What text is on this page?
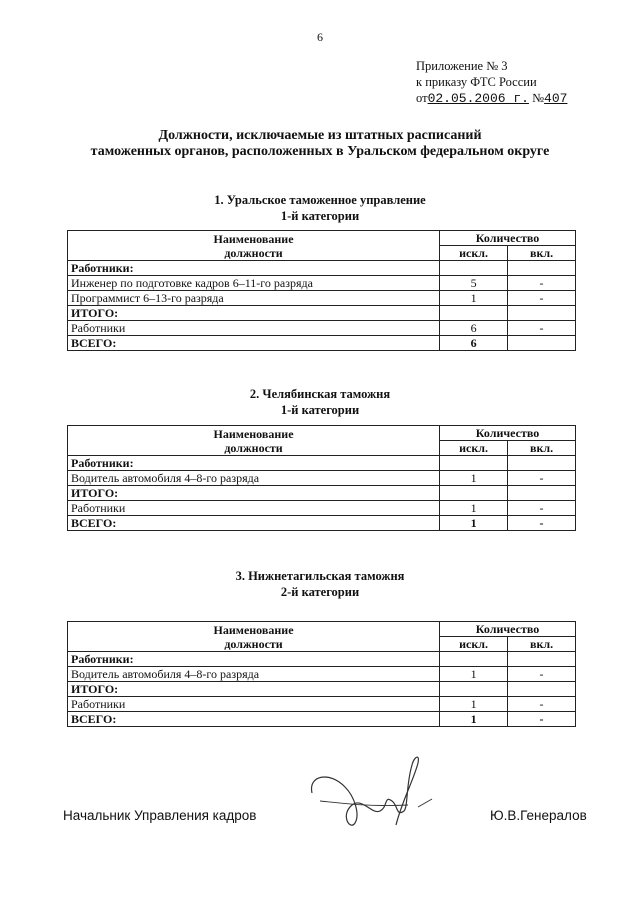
6
Приложение № 3
к приказу ФТС России
от02.05.2006 г. №407
Должности, исключаемые из штатных расписаний
таможенных органов, расположенных в Уральском федеральном округе
1. Уральское таможенное управление
1-й категории
Наименование
должности	Количество	
	искл.	вкл.
Работники:		
Инженер по подготовке кадров 6–11-го разряда	5	-
Программист 6–13-го разряда	1	-
ИТОГО:		
Работники	6	-
ВСЕГО:	6	
2. Челябинская таможня
1-й категории
Наименование
должности	Количество	
	искл.	вкл.
Работники:		
Водитель автомобиля 4–8-го разряда	1	-
ИТОГО:		
Работники	1	-
ВСЕГО:	1	-
3. Нижнетагильская таможня
2-й категории
Наименование
должности	Количество	
	искл.	вкл.
Работники:		
Водитель автомобиля 4–8-го разряда	1	-
ИТОГО:		
Работники	1	-
ВСЕГО:	1	-
Начальник Управления кадров	Ю.В.Генералов
